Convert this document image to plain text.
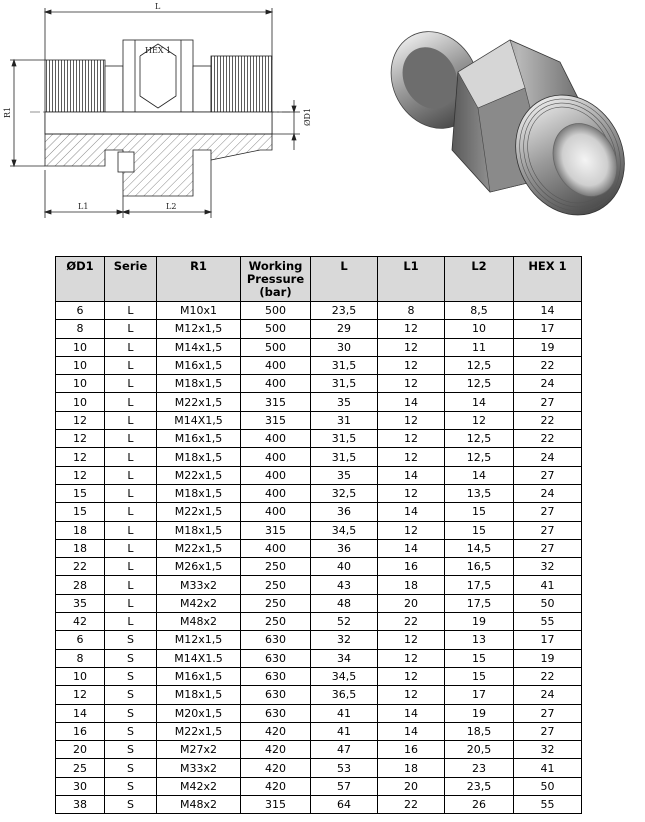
L
HEX 1
L1	L2
R1	ØD1
ØD1	Serie	R1	Working Pressure (bar)	L	L1	L2	HEX 1
6	L	M10x1	500	23,5	8	8,5	14
8	L	M12x1,5	500	29	12	10	17
10	L	M14x1,5	500	30	12	11	19
10	L	M16x1,5	400	31,5	12	12,5	22
10	L	M18x1,5	400	31,5	12	12,5	24
10	L	M22x1,5	315	35	14	14	27
12	L	M14X1,5	315	31	12	12	22
12	L	M16x1,5	400	31,5	12	12,5	22
12	L	M18x1,5	400	31,5	12	12,5	24
12	L	M22x1,5	400	35	14	14	27
15	L	M18x1,5	400	32,5	12	13,5	24
15	L	M22x1,5	400	36	14	15	27
18	L	M18x1,5	315	34,5	12	15	27
18	L	M22x1,5	400	36	14	14,5	27
22	L	M26x1,5	250	40	16	16,5	32
28	L	M33x2	250	43	18	17,5	41
35	L	M42x2	250	48	20	17,5	50
42	L	M48x2	250	52	22	19	55
6	S	M12x1,5	630	32	12	13	17
8	S	M14X1.5	630	34	12	15	19
10	S	M16x1,5	630	34,5	12	15	22
12	S	M18x1,5	630	36,5	12	17	24
14	S	M20x1,5	630	41	14	19	27
16	S	M22x1,5	420	41	14	18,5	27
20	S	M27x2	420	47	16	20,5	32
25	S	M33x2	420	53	18	23	41
30	S	M42x2	420	57	20	23,5	50
38	S	M48x2	315	64	22	26	55
